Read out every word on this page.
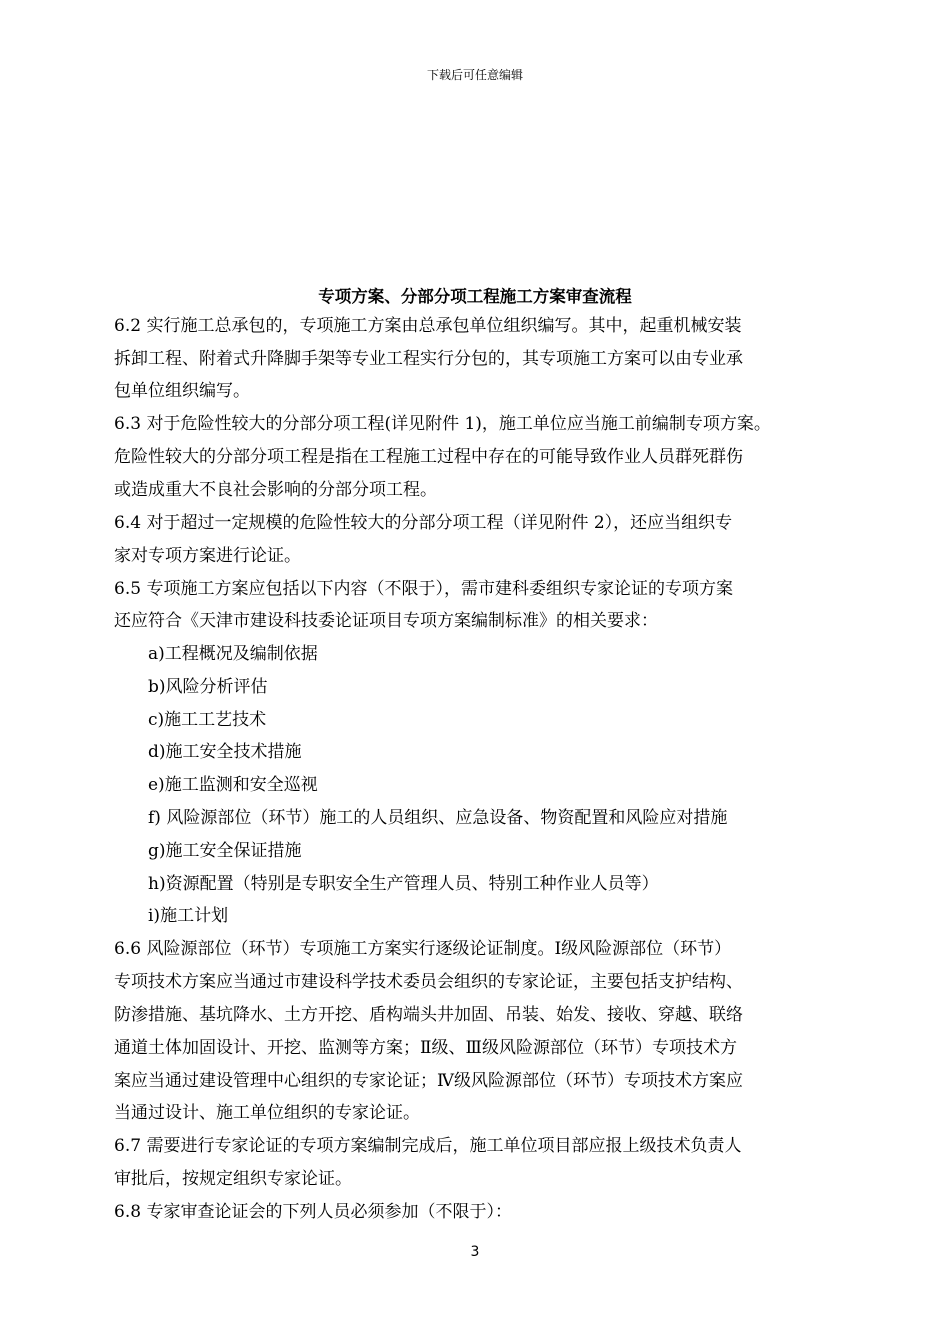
下载后可任意编辑
专项方案、分部分项工程施工方案审查流程
6.2 实行施工总承包的，专项施工方案由总承包单位组织编写。其中，起重机械安装
拆卸工程、附着式升降脚手架等专业工程实行分包的，其专项施工方案可以由专业承
包单位组织编写。
6.3 对于危险性较大的分部分项工程(详见附件 1)，施工单位应当施工前编制专项方案。
危险性较大的分部分项工程是指在工程施工过程中存在的可能导致作业人员群死群伤
或造成重大不良社会影响的分部分项工程。
6.4 对于超过一定规模的危险性较大的分部分项工程（详见附件 2），还应当组织专
家对专项方案进行论证。
6.5 专项施工方案应包括以下内容（不限于），需市建科委组织专家论证的专项方案
还应符合《天津市建设科技委论证项目专项方案编制标准》的相关要求：
a)工程概况及编制依据
b)风险分析评估
c)施工工艺技术
d)施工安全技术措施
e)施工监测和安全巡视
f) 风险源部位（环节）施工的人员组织、应急设备、物资配置和风险应对措施
g)施工安全保证措施
h)资源配置（特别是专职安全生产管理人员、特别工种作业人员等）
i)施工计划
6.6 风险源部位（环节）专项施工方案实行逐级论证制度。Ⅰ级风险源部位（环节）
专项技术方案应当通过市建设科学技术委员会组织的专家论证，主要包括支护结构、
防渗措施、基坑降水、土方开挖、盾构端头井加固、吊装、始发、接收、穿越、联络
通道土体加固设计、开挖、监测等方案；Ⅱ级、Ⅲ级风险源部位（环节）专项技术方
案应当通过建设管理中心组织的专家论证；Ⅳ级风险源部位（环节）专项技术方案应
当通过设计、施工单位组织的专家论证。
6.7 需要进行专家论证的专项方案编制完成后，施工单位项目部应报上级技术负责人
审批后，按规定组织专家论证。
6.8 专家审查论证会的下列人员必须参加（不限于）：
3
